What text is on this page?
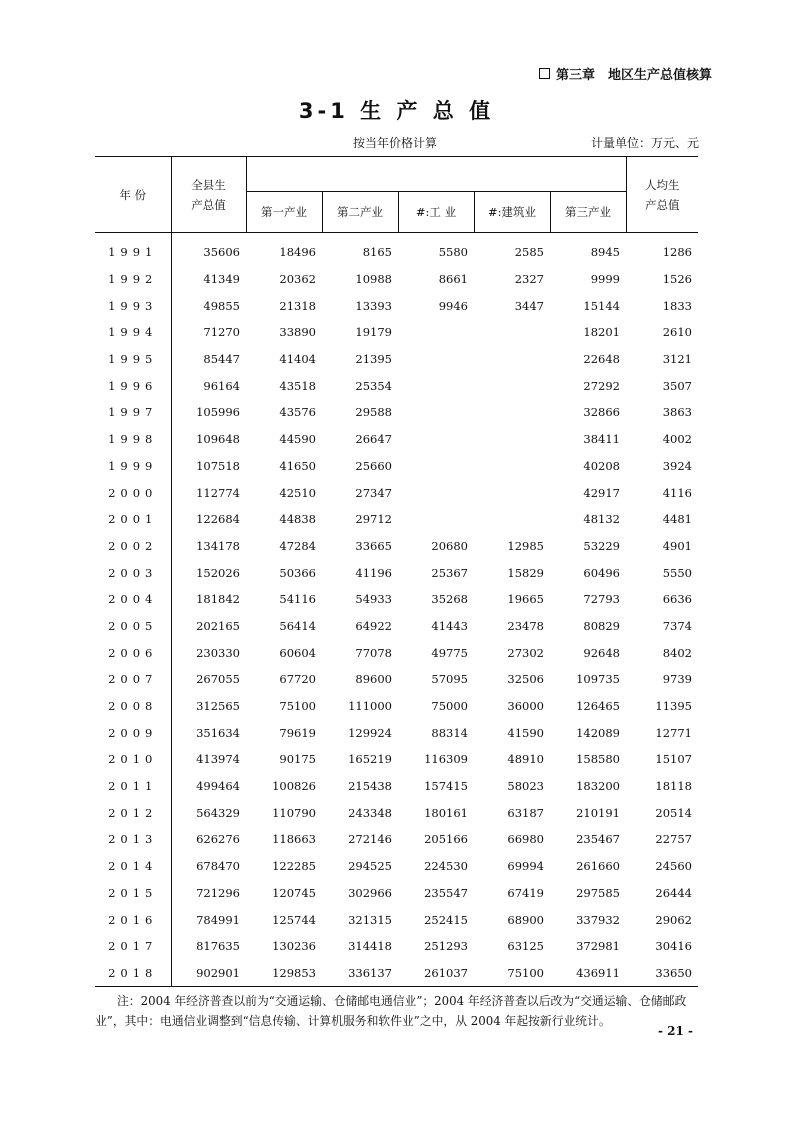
第三章　地区生产总值核算
3-1 生 产 总 值
按当年价格计算	计量单位：万元、元
年 份	全县生
产总值						人均生
产总值
		第一产业	第二产业	#:工 业	#:建筑业	第三产业	
1991	35606	18496	8165	5580	2585	8945	1286
1992	41349	20362	10988	8661	2327	9999	1526
1993	49855	21318	13393	9946	3447	15144	1833
1994	71270	33890	19179			18201	2610
1995	85447	41404	21395			22648	3121
1996	96164	43518	25354			27292	3507
1997	105996	43576	29588			32866	3863
1998	109648	44590	26647			38411	4002
1999	107518	41650	25660			40208	3924
2000	112774	42510	27347			42917	4116
2001	122684	44838	29712			48132	4481
2002	134178	47284	33665	20680	12985	53229	4901
2003	152026	50366	41196	25367	15829	60496	5550
2004	181842	54116	54933	35268	19665	72793	6636
2005	202165	56414	64922	41443	23478	80829	7374
2006	230330	60604	77078	49775	27302	92648	8402
2007	267055	67720	89600	57095	32506	109735	9739
2008	312565	75100	111000	75000	36000	126465	11395
2009	351634	79619	129924	88314	41590	142089	12771
2010	413974	90175	165219	116309	48910	158580	15107
2011	499464	100826	215438	157415	58023	183200	18118
2012	564329	110790	243348	180161	63187	210191	20514
2013	626276	118663	272146	205166	66980	235467	22757
2014	678470	122285	294525	224530	69994	261660	24560
2015	721296	120745	302966	235547	67419	297585	26444
2016	784991	125744	321315	252415	68900	337932	29062
2017	817635	130236	314418	251293	63125	372981	30416
2018	902901	129853	336137	261037	75100	436911	33650
注：2004 年经济普查以前为“交通运输、仓储邮电通信业”；2004 年经济普查以后改为“交通运输、仓储邮政业”，其中：电通信业调整到“信息传输、计算机服务和软件业”之中，从 2004 年起按新行业统计。
- 21 -
